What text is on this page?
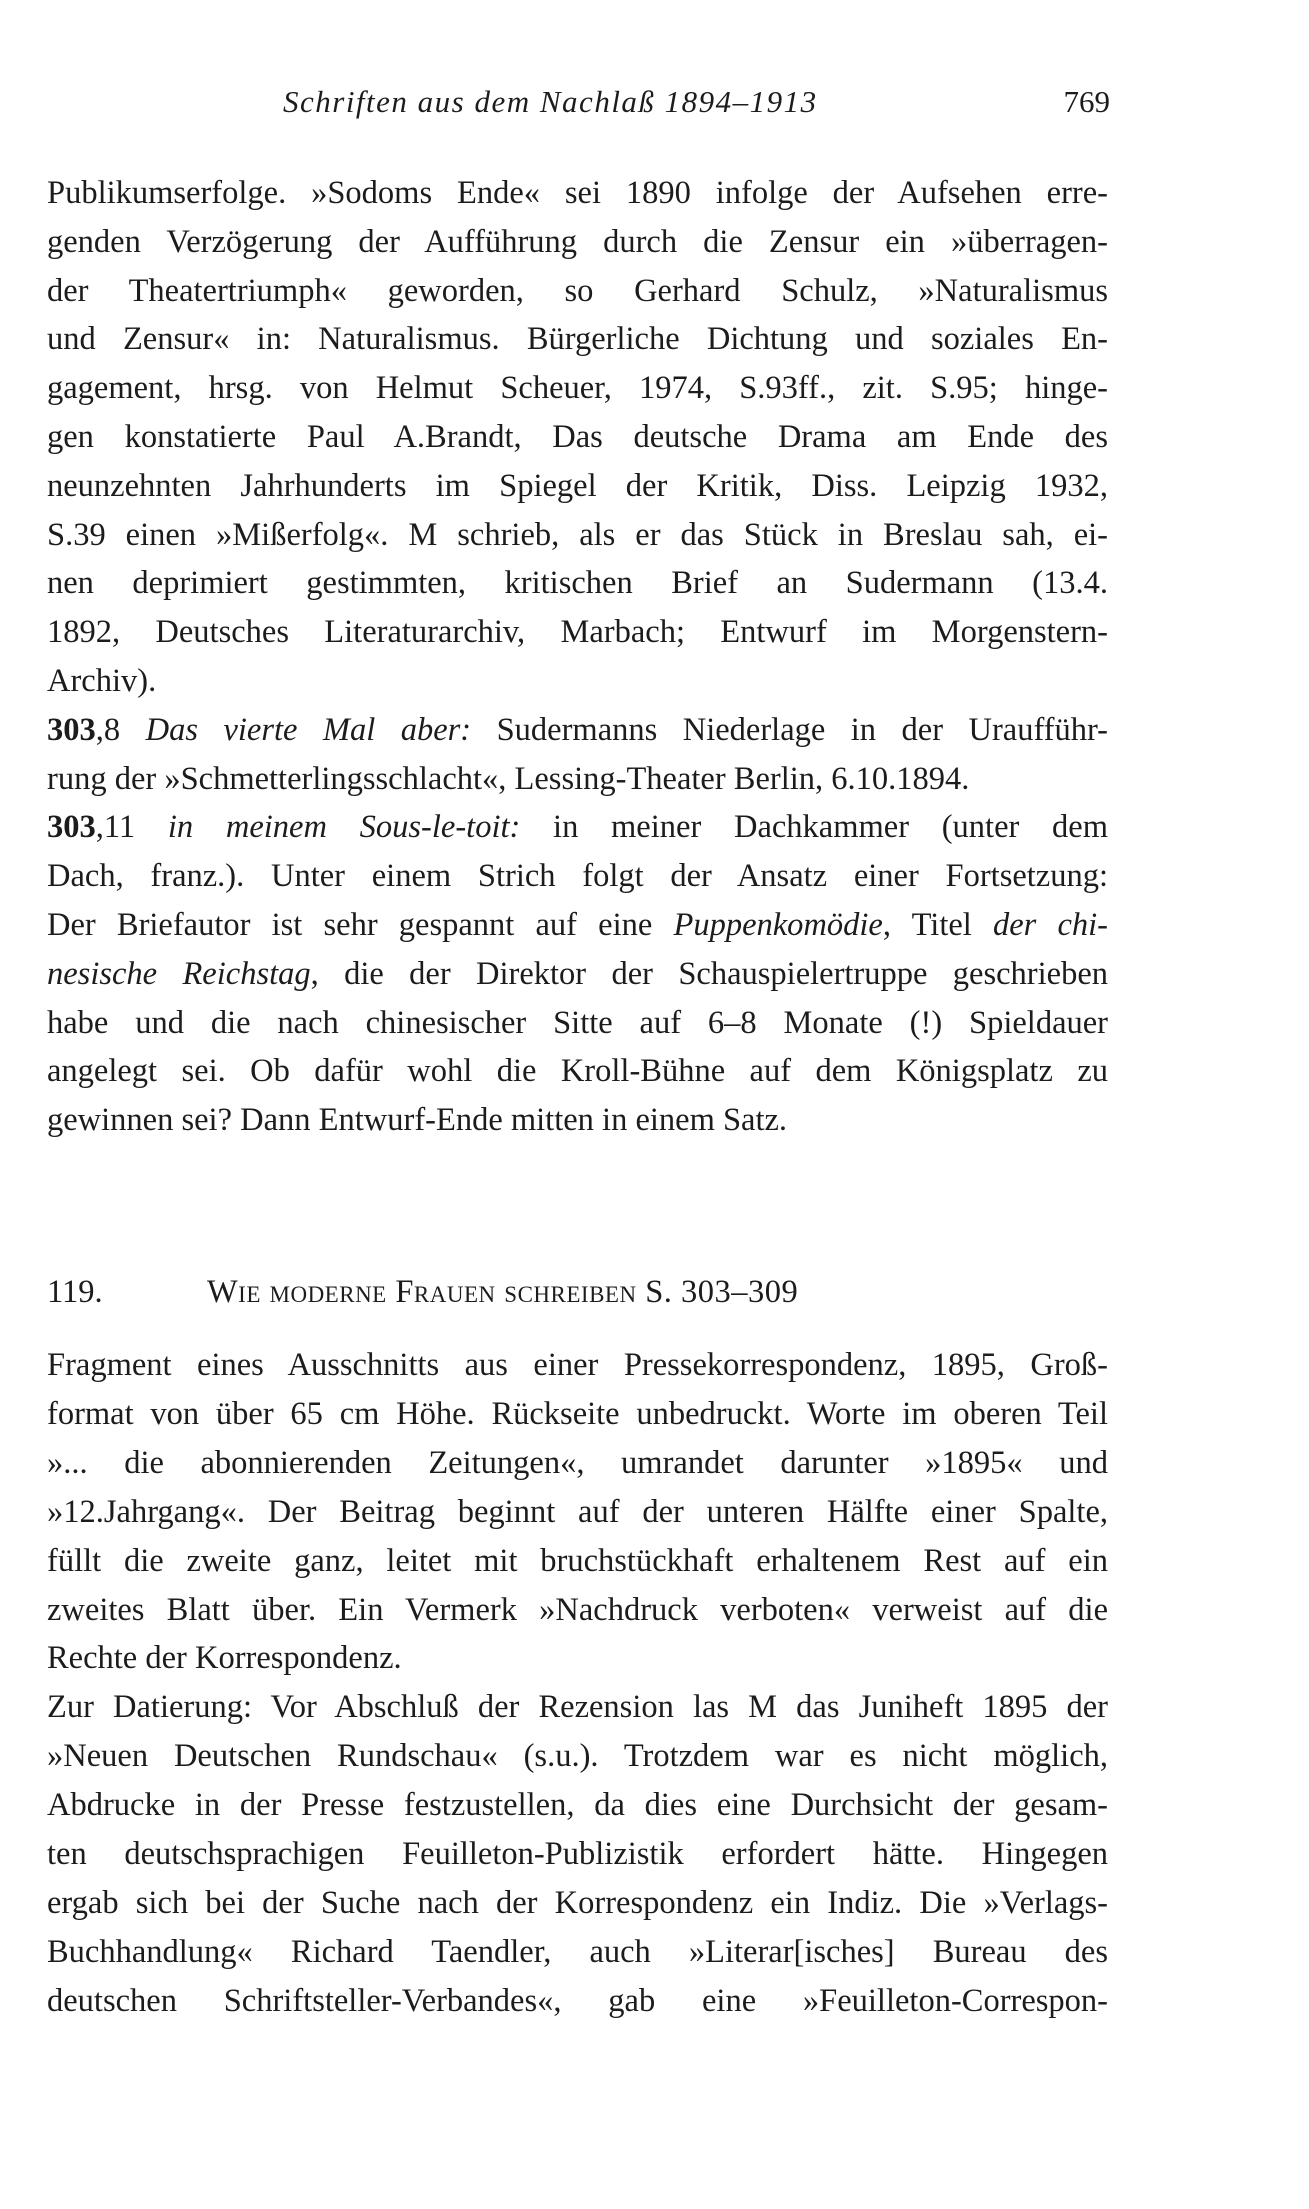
Schriften aus dem Nachlaß 1894–1913	769
Publikumserfolge. »Sodoms Ende« sei 1890 infolge der Aufsehen erre-
genden Verzögerung der Aufführung durch die Zensur ein »überragen-
der Theatertriumph« geworden, so Gerhard Schulz, »Naturalismus
und Zensur« in: Naturalismus. Bürgerliche Dichtung und soziales En-
gagement, hrsg. von Helmut Scheuer, 1974, S.93ff., zit. S.95; hinge-
gen konstatierte Paul A.Brandt, Das deutsche Drama am Ende des
neunzehnten Jahrhunderts im Spiegel der Kritik, Diss. Leipzig 1932,
S.39 einen »Mißerfolg«. M schrieb, als er das Stück in Breslau sah, ei-
nen deprimiert gestimmten, kritischen Brief an Sudermann (13.4.
1892, Deutsches Literaturarchiv, Marbach; Entwurf im Morgenstern-
Archiv).
303,8 Das vierte Mal aber: Sudermanns Niederlage in der Uraufführ-
rung der »Schmetterlingsschlacht«, Lessing-Theater Berlin, 6.10.1894.
303,11 in meinem Sous-le-toit: in meiner Dachkammer (unter dem
Dach, franz.). Unter einem Strich folgt der Ansatz einer Fortsetzung:
Der Briefautor ist sehr gespannt auf eine Puppenkomödie, Titel der chi-
nesische Reichstag, die der Direktor der Schauspielertruppe geschrieben
habe und die nach chinesischer Sitte auf 6–8 Monate (!) Spieldauer
angelegt sei. Ob dafür wohl die Kroll-Bühne auf dem Königsplatz zu
gewinnen sei? Dann Entwurf-Ende mitten in einem Satz.
119.	Wie moderne Frauen schreiben S. 303–309
Fragment eines Ausschnitts aus einer Pressekorrespondenz, 1895, Groß-
format von über 65 cm Höhe. Rückseite unbedruckt. Worte im oberen Teil
»... die abonnierenden Zeitungen«, umrandet darunter »1895« und
»12.Jahrgang«. Der Beitrag beginnt auf der unteren Hälfte einer Spalte,
füllt die zweite ganz, leitet mit bruchstückhaft erhaltenem Rest auf ein
zweites Blatt über. Ein Vermerk »Nachdruck verboten« verweist auf die
Rechte der Korrespondenz.
Zur Datierung: Vor Abschluß der Rezension las M das Juniheft 1895 der
»Neuen Deutschen Rundschau« (s.u.). Trotzdem war es nicht möglich,
Abdrucke in der Presse festzustellen, da dies eine Durchsicht der gesam-
ten deutschsprachigen Feuilleton-Publizistik erfordert hätte. Hingegen
ergab sich bei der Suche nach der Korrespondenz ein Indiz. Die »Verlags-
Buchhandlung« Richard Taendler, auch »Literar[isches] Bureau des
deutschen Schriftsteller-Verbandes«, gab eine »Feuilleton-Correspon-
